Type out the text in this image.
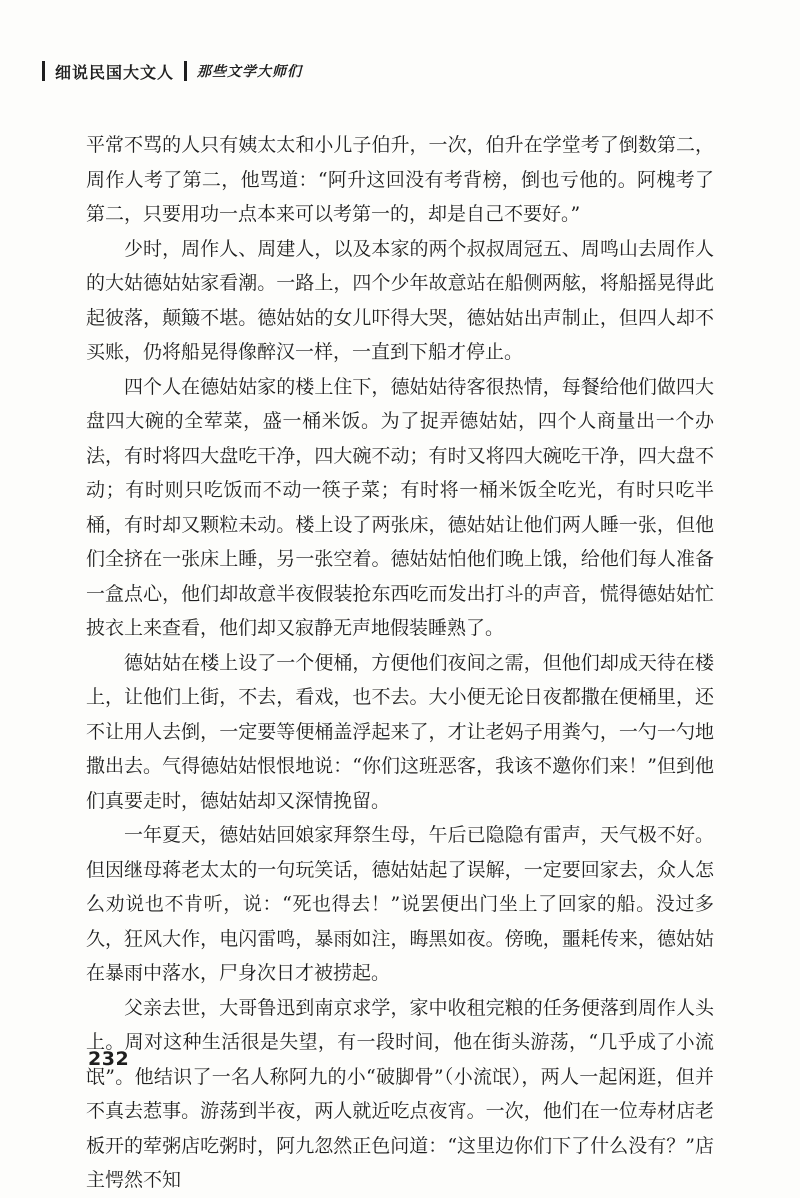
细说民国大文人 那些文学大师们

平常不骂的人只有姨太太和小儿子伯升，一次，伯升在学堂考了倒数第二，周作人考了第二，他骂道：“阿升这回没有考背榜，倒也亏他的。阿槐考了第二，只要用功一点本来可以考第一的，却是自己不要好。”

少时，周作人、周建人，以及本家的两个叔叔周冠五、周鸣山去周作人的大姑德姑姑家看潮。一路上，四个少年故意站在船侧两舷，将船摇晃得此起彼落，颠簸不堪。德姑姑的女儿吓得大哭，德姑姑出声制止，但四人却不买账，仍将船晃得像醉汉一样，一直到下船才停止。

四个人在德姑姑家的楼上住下，德姑姑待客很热情，每餐给他们做四大盘四大碗的全荤菜，盛一桶米饭。为了捉弄德姑姑，四个人商量出一个办法，有时将四大盘吃干净，四大碗不动；有时又将四大碗吃干净，四大盘不动；有时则只吃饭而不动一筷子菜；有时将一桶米饭全吃光，有时只吃半桶，有时却又颗粒未动。楼上设了两张床，德姑姑让他们两人睡一张，但他们全挤在一张床上睡，另一张空着。德姑姑怕他们晚上饿，给他们每人准备一盒点心，他们却故意半夜假装抢东西吃而发出打斗的声音，慌得德姑姑忙披衣上来查看，他们却又寂静无声地假装睡熟了。

德姑姑在楼上设了一个便桶，方便他们夜间之需，但他们却成天待在楼上，让他们上街，不去，看戏，也不去。大小便无论日夜都撒在便桶里，还不让用人去倒，一定要等便桶盖浮起来了，才让老妈子用粪勺，一勺一勺地撒出去。气得德姑姑恨恨地说：“你们这班恶客，我该不邀你们来！”但到他们真要走时，德姑姑却又深情挽留。

一年夏天，德姑姑回娘家拜祭生母，午后已隐隐有雷声，天气极不好。但因继母蒋老太太的一句玩笑话，德姑姑起了误解，一定要回家去，众人怎么劝说也不肯听，说：“死也得去！”说罢便出门坐上了回家的船。没过多久，狂风大作，电闪雷鸣，暴雨如注，晦黑如夜。傍晚，噩耗传来，德姑姑在暴雨中落水，尸身次日才被捞起。

父亲去世，大哥鲁迅到南京求学，家中收租完粮的任务便落到周作人头上。周对这种生活很是失望，有一段时间，他在街头游荡，“几乎成了小流氓”。他结识了一名人称阿九的小“破脚骨”（小流氓），两人一起闲逛，但并不真去惹事。游荡到半夜，两人就近吃点夜宵。一次，他们在一位寿材店老板开的荤粥店吃粥时，阿九忽然正色问道：“这里边你们下了什么没有？”店主愕然不知

232
